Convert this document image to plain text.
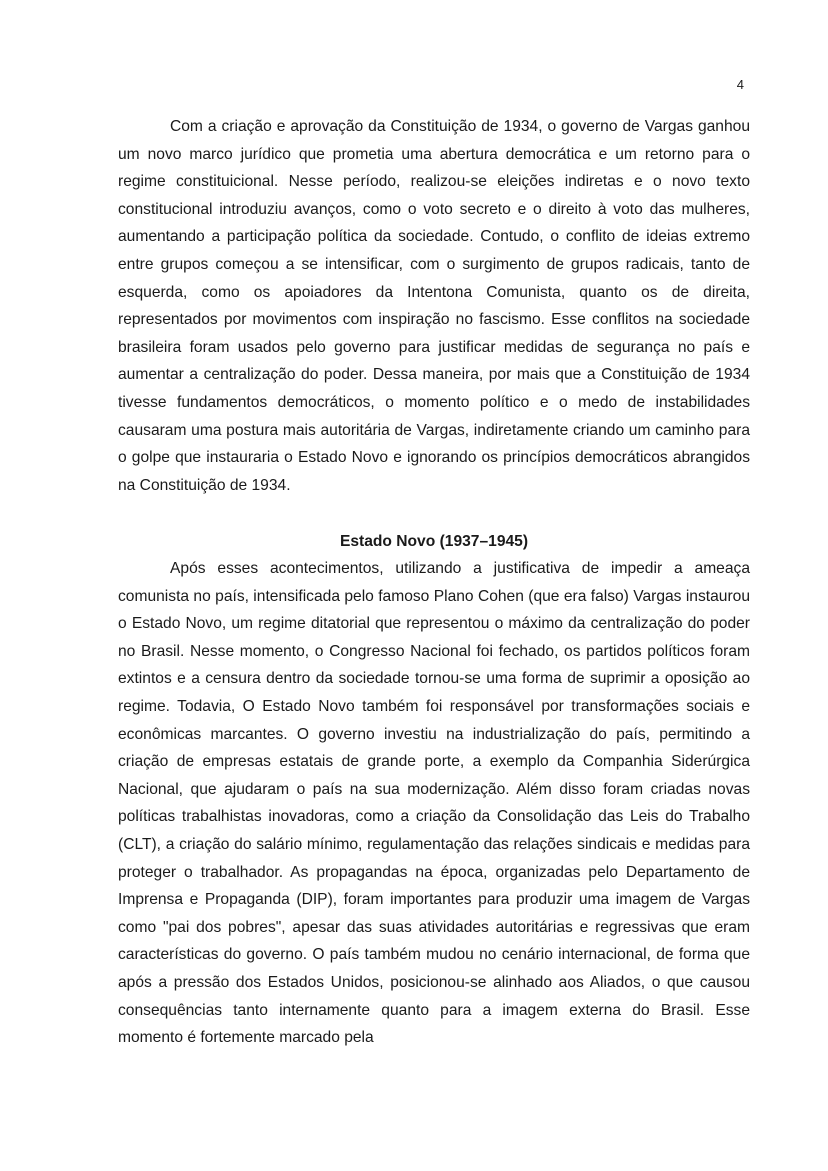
4

Com a criação e aprovação da Constituição de 1934, o governo de Vargas ganhou um novo marco jurídico que prometia uma abertura democrática e um retorno para o regime constituicional. Nesse período, realizou-se eleições indiretas e o novo texto constitucional introduziu avanços, como o voto secreto e o direito à voto das mulheres, aumentando a participação política da sociedade. Contudo, o conflito de ideias extremo entre grupos começou a se intensificar, com o surgimento de grupos radicais, tanto de esquerda, como os apoiadores da Intentona Comunista, quanto os de direita, representados por movimentos com inspiração no fascismo. Esse conflitos na sociedade brasileira foram usados pelo governo para justificar medidas de segurança no país e aumentar a centralização do poder. Dessa maneira, por mais que a Constituição de 1934 tivesse fundamentos democráticos, o momento político e o medo de instabilidades causaram uma postura mais autoritária de Vargas, indiretamente criando um caminho para o golpe que instauraria o Estado Novo e ignorando os princípios democráticos abrangidos na Constituição de 1934.

Estado Novo (1937–1945)

Após esses acontecimentos, utilizando a justificativa de impedir a ameaça comunista no país, intensificada pelo famoso Plano Cohen (que era falso) Vargas instaurou o Estado Novo, um regime ditatorial que representou o máximo da centralização do poder no Brasil. Nesse momento, o Congresso Nacional foi fechado, os partidos políticos foram extintos e a censura dentro da sociedade tornou-se uma forma de suprimir a oposição ao regime. Todavia, O Estado Novo também foi responsável por transformações sociais e econômicas marcantes. O governo investiu na industrialização do país, permitindo a criação de empresas estatais de grande porte, a exemplo da Companhia Siderúrgica Nacional, que ajudaram o país na sua modernização. Além disso foram criadas novas políticas trabalhistas inovadoras, como a criação da Consolidação das Leis do Trabalho (CLT), a criação do salário mínimo, regulamentação das relações sindicais e medidas para proteger o trabalhador. As propagandas na época, organizadas pelo Departamento de Imprensa e Propaganda (DIP), foram importantes para produzir uma imagem de Vargas como "pai dos pobres", apesar das suas atividades autoritárias e regressivas que eram características do governo. O país também mudou no cenário internacional, de forma que após a pressão dos Estados Unidos, posicionou-se alinhado aos Aliados, o que causou consequências tanto internamente quanto para a imagem externa do Brasil. Esse momento é fortemente marcado pela
